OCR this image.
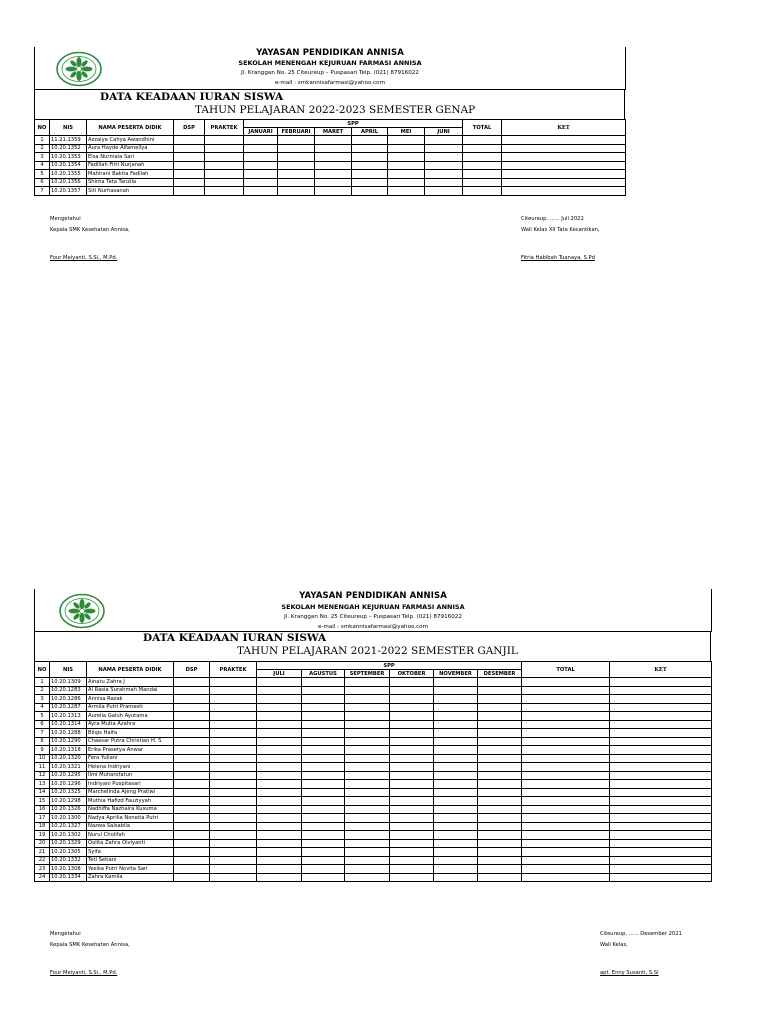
YAYASAN PENDIDIKAN ANNISA
SEKOLAH MENENGAH KEJURUAN FARMASI ANNISA
Jl. Kranggan No. 25 Citeureup – Puspasari Telp. (021) 87916022
e-mail : smkannisafarmasi@yahoo.com
DATA KEADAAN IURAN SISWA
TAHUN PELAJARAN 2022-2023 SEMESTER GENAP
NO	NIS	NAMA PESERTA DIDIK	DSP	PRAKTEK	SPP						TOTAL	KET
					JANUARI	FEBRUARI	MARET	APRIL	MEI	JUNI		
1	11.21.1359	Azzalya Cahya Awandhini										
2	10.20.1352	Aura Hayde Alfamellya										
3	10.20.1353	Elsa Nurmala Sari										
4	10.20.1354	Fadillah Fitri Nurjanah										
5	10.20.1355	Mahirani Baktia Fadilah										
6	10.20.1356	Shinta Tata Tanzila										
7	10.20.1357	Siti Nurhasanah										
Mengetahui
Kepala SMK Kesehatan Annisa,
Four Meiyanti, S.Si., M.Pd.
Citeureup, ...... Juli 2022
Wali Kelas XII Tata Kecantikan,
Fitria Habibah Tuanaya, S.Pd
YAYASAN PENDIDIKAN ANNISA
SEKOLAH MENENGAH KEJURUAN FARMASI ANNISA
Jl. Kranggan No. 25 Citeureup – Puspasari Telp. (021) 87916022
e-mail : smkannisafarmasi@yahoo.com
DATA KEADAAN IURAN SISWA
TAHUN PELAJARAN 2021-2022 SEMESTER GANJIL
NO	NIS	NAMA PESERTA DIDIK	DSP	PRAKTEK	SPP						TOTAL	KET
					JULI	AGUSTUS	SEPTEMBER	OKTOBER	NOVEMBER	DESEMBER		
1	10.20.1309	Ainatu Zahra J										
2	10.20.1283	Al Rasia Surahmah Mandai										
3	10.20.1286	Annisa Razak										
4	10.20.1287	Armila Putri Pramesti										
5	10.20.1313	Aurelia Galuh Ayutama										
6	10.20.1314	Ayra Mutia Azahra										
7	10.20.1288	Bilqis Haifa										
8	10.20.1290	Chaesar Putra Christian H. S										
9	10.20.1318	Erika Prasetya Anwar										
10	10.20.1320	Fera Yuliani										
11	10.20.1321	Helena Indriyani										
12	10.20.1295	Ilmi Muharofatun										
13	10.20.1296	Indriyani Puspitasari										
14	10.20.1325	Marchelinda Ajeng Pratiwi										
15	10.20.1298	Muthia Hafizd Fauziyyah										
16	10.20.1326	Nadhiffa Nazhaira Kusuma										
17	10.20.1300	Nadya Aprilia Noneita Putri										
18	10.20.1327	Nazwa Salsabila										
19	10.20.1302	Nurul Cholifah										
20	10.20.1329	Qolita Zahra Oiviyanti										
21	10.20.1305	Syifa										
22	10.20.1332	Teti Setiani										
23	10.20.1308	Yesika Putri Novita Sari										
24	10.20.1334	Zahra Kamila										
Mengetahui
Kepala SMK Kesehatan Annisa,
Four Meiyanti, S.Si., M.Pd.
Citeureup, ...... Desember 2021
Wali Kelas,
apt. Enny Susanti, S.Si
